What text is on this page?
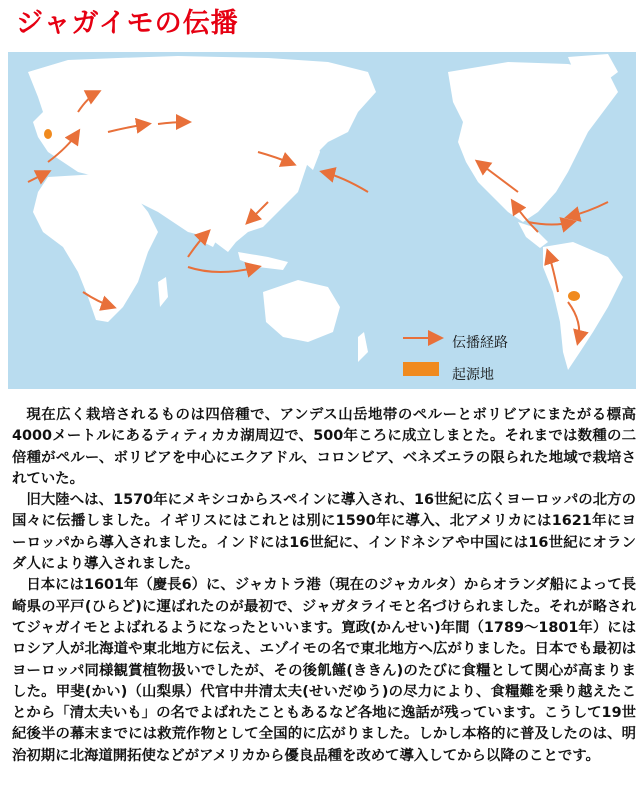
ジャガイモの伝播
伝播経路
起源地

現在広く栽培されるものは四倍種で、アンデス山岳地帯のペルーとボリビアにまたがる標高4000メートルにあるティティカカ湖周辺で、500年ころに成立しまとた。それまでは数種の二倍種がペルー、ボリビアを中心にエクアドル、コロンビア、ベネズエラの限られた地域で栽培されていた。

旧大陸へは、1570年にメキシコからスペインに導入され、16世紀に広くヨーロッパの北方の国々に伝播しました。イギリスにはこれとは別に1590年に導入、北アメリカには1621年にヨーロッパから導入されました。インドには16世紀に、インドネシアや中国には16世紀にオランダ人により導入されました。

日本には1601年（慶長6）に、ジャカトラ港（現在のジャカルタ）からオランダ船によって長崎県の平戸(ひらど)に運ばれたのが最初で、ジャガタライモと名づけられました。それが略されてジャガイモとよばれるようになったといいます。寛政(かんせい)年間（1789～1801年）にはロシア人が北海道や東北地方に伝え、エゾイモの名で東北地方へ広がりました。日本でも最初はヨーロッパ同様観賞植物扱いでしたが、その後飢饉(ききん)のたびに食糧として関心が高まりました。甲斐(かい)（山梨県）代官中井清太夫(せいだゆう)の尽力により、食糧難を乗り越えたことから「清太夫いも」の名でよばれたこともあるなど各地に逸話が残っています。こうして19世紀後半の幕末までには救荒作物として全国的に広がりました。しかし本格的に普及したのは、明治初期に北海道開拓使などがアメリカから優良品種を改めて導入してから以降のことです。
